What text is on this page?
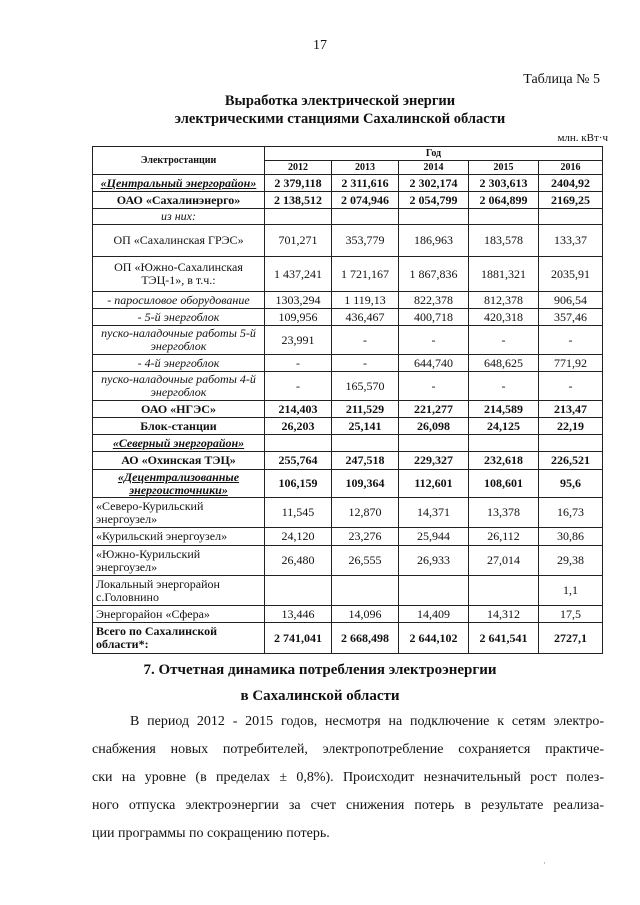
17
Таблица № 5
Выработка электрической энергии
электрическими станциями Сахалинской области
млн. кВт·ч
Электростанции	Год				
	2012	2013	2014	2015	2016
«Центральный энергорайон»	2 379,118	2 311,616	2 302,174	2 303,613	2404,92
ОАО «Сахалинэнерго»	2 138,512	2 074,946	2 054,799	2 064,899	2169,25
из них:					
ОП «Сахалинская ГРЭС»	701,271	353,779	186,963	183,578	133,37
ОП «Южно-Сахалинская ТЭЦ-1», в т.ч.:	1 437,241	1 721,167	1 867,836	1881,321	2035,91
- паросиловое оборудование	1303,294	1 119,13	822,378	812,378	906,54
- 5-й энергоблок	109,956	436,467	400,718	420,318	357,46
пуско-наладочные работы 5-й энергоблок	23,991	-	-	-	-
- 4-й энергоблок	-	-	644,740	648,625	771,92
пуско-наладочные работы 4-й энергоблок	-	165,570	-	-	-
ОАО «НГЭС»	214,403	211,529	221,277	214,589	213,47
Блок-станции	26,203	25,141	26,098	24,125	22,19
«Северный энергорайон»					
АО «Охинская ТЭЦ»	255,764	247,518	229,327	232,618	226,521
«Децентрализованные энергоисточники»	106,159	109,364	112,601	108,601	95,6
«Северо-Курильский энергоузел»	11,545	12,870	14,371	13,378	16,73
«Курильский энергоузел»	24,120	23,276	25,944	26,112	30,86
«Южно-Курильский энергоузел»	26,480	26,555	26,933	27,014	29,38
Локальный энергорайон с.Головнино					1,1
Энергорайон «Сфера»	13,446	14,096	14,409	14,312	17,5
Всего по Сахалинской области*:	2 741,041	2 668,498	2 644,102	2 641,541	2727,1
7. Отчетная динамика потребления электроэнергии
в Сахалинской области
В период 2012 - 2015 годов, несмотря на подключение к сетям электро-
снабжения новых потребителей, электропотребление сохраняется практиче-
ски на уровне (в пределах ± 0,8%). Происходит незначительный рост полез-
ного отпуска электроэнергии за счет снижения потерь в результате реализа-
ции программы по сокращению потерь.
·
